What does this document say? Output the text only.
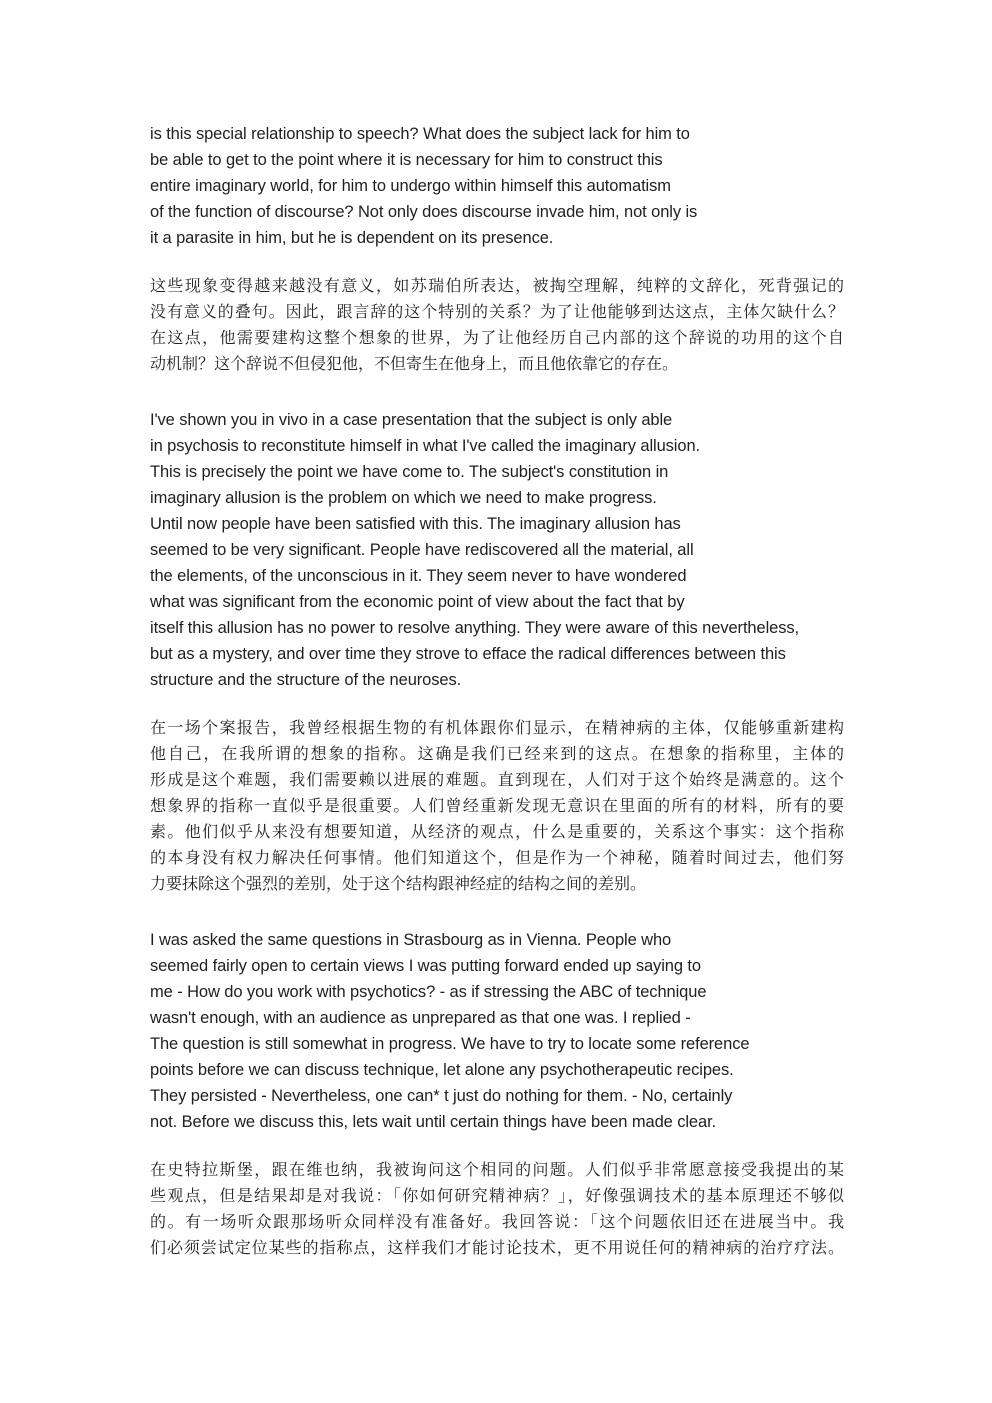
is this special relationship to speech? What does the subject lack for him to
be able to get to the point where it is necessary for him to construct this
entire imaginary world, for him to undergo within himself this automatism
of the function of discourse? Not only does discourse invade him, not only is
it a parasite in him, but he is dependent on its presence.
这些现象变得越来越没有意义，如苏瑞伯所表达，被掏空理解，纯粹的文辞化，死背强记的
没有意义的叠句。因此，跟言辞的这个特别的关系？为了让他能够到达这点，主体欠缺什么？
在这点，他需要建构这整个想象的世界，为了让他经历自己内部的这个辞说的功用的这个自
动机制？这个辞说不但侵犯他，不但寄生在他身上，而且他依靠它的存在。
I've shown you in vivo in a case presentation that the subject is only able
in psychosis to reconstitute himself in what I've called the imaginary allusion.
This is precisely the point we have come to. The subject's constitution in
imaginary allusion is the problem on which we need to make progress.
Until now people have been satisfied with this. The imaginary allusion has
seemed to be very significant. People have rediscovered all the material, all
the elements, of the unconscious in it. They seem never to have wondered
what was significant from the economic point of view about the fact that by
itself this allusion has no power to resolve anything. They were aware of this nevertheless,
but as a mystery, and over time they strove to efface the radical differences between this
structure and the structure of the neuroses.
在一场个案报告，我曾经根据生物的有机体跟你们显示，在精神病的主体，仅能够重新建构
他自己，在我所谓的想象的指称。这确是我们已经来到的这点。在想象的指称里，主体的
形成是这个难题，我们需要赖以进展的难题。直到现在，人们对于这个始终是满意的。这个
想象界的指称一直似乎是很重要。人们曾经重新发现无意识在里面的所有的材料，所有的要
素。他们似乎从来没有想要知道，从经济的观点，什么是重要的，关系这个事实：这个指称
的本身没有权力解决任何事情。他们知道这个，但是作为一个神秘，随着时间过去，他们努
力要抹除这个强烈的差别，处于这个结构跟神经症的结构之间的差别。
I was asked the same questions in Strasbourg as in Vienna. People who
seemed fairly open to certain views I was putting forward ended up saying to
me - How do you work with psychotics? - as if stressing the ABC of technique
wasn't enough, with an audience as unprepared as that one was. I replied -
The question is still somewhat in progress. We have to try to locate some reference
points before we can discuss technique, let alone any psychotherapeutic recipes.
They persisted - Nevertheless, one can* t just do nothing for them. - No, certainly
not. Before we discuss this, lets wait until certain things have been made clear.
在史特拉斯堡，跟在维也纳，我被询问这个相同的问题。人们似乎非常愿意接受我提出的某
些观点，但是结果却是对我说：「你如何研究精神病？」，好像强调技术的基本原理还不够似
的。有一场听众跟那场听众同样没有准备好。我回答说：「这个问题依旧还在进展当中。我
们必须尝试定位某些的指称点，这样我们才能讨论技术，更不用说任何的精神病的治疗疗法。
